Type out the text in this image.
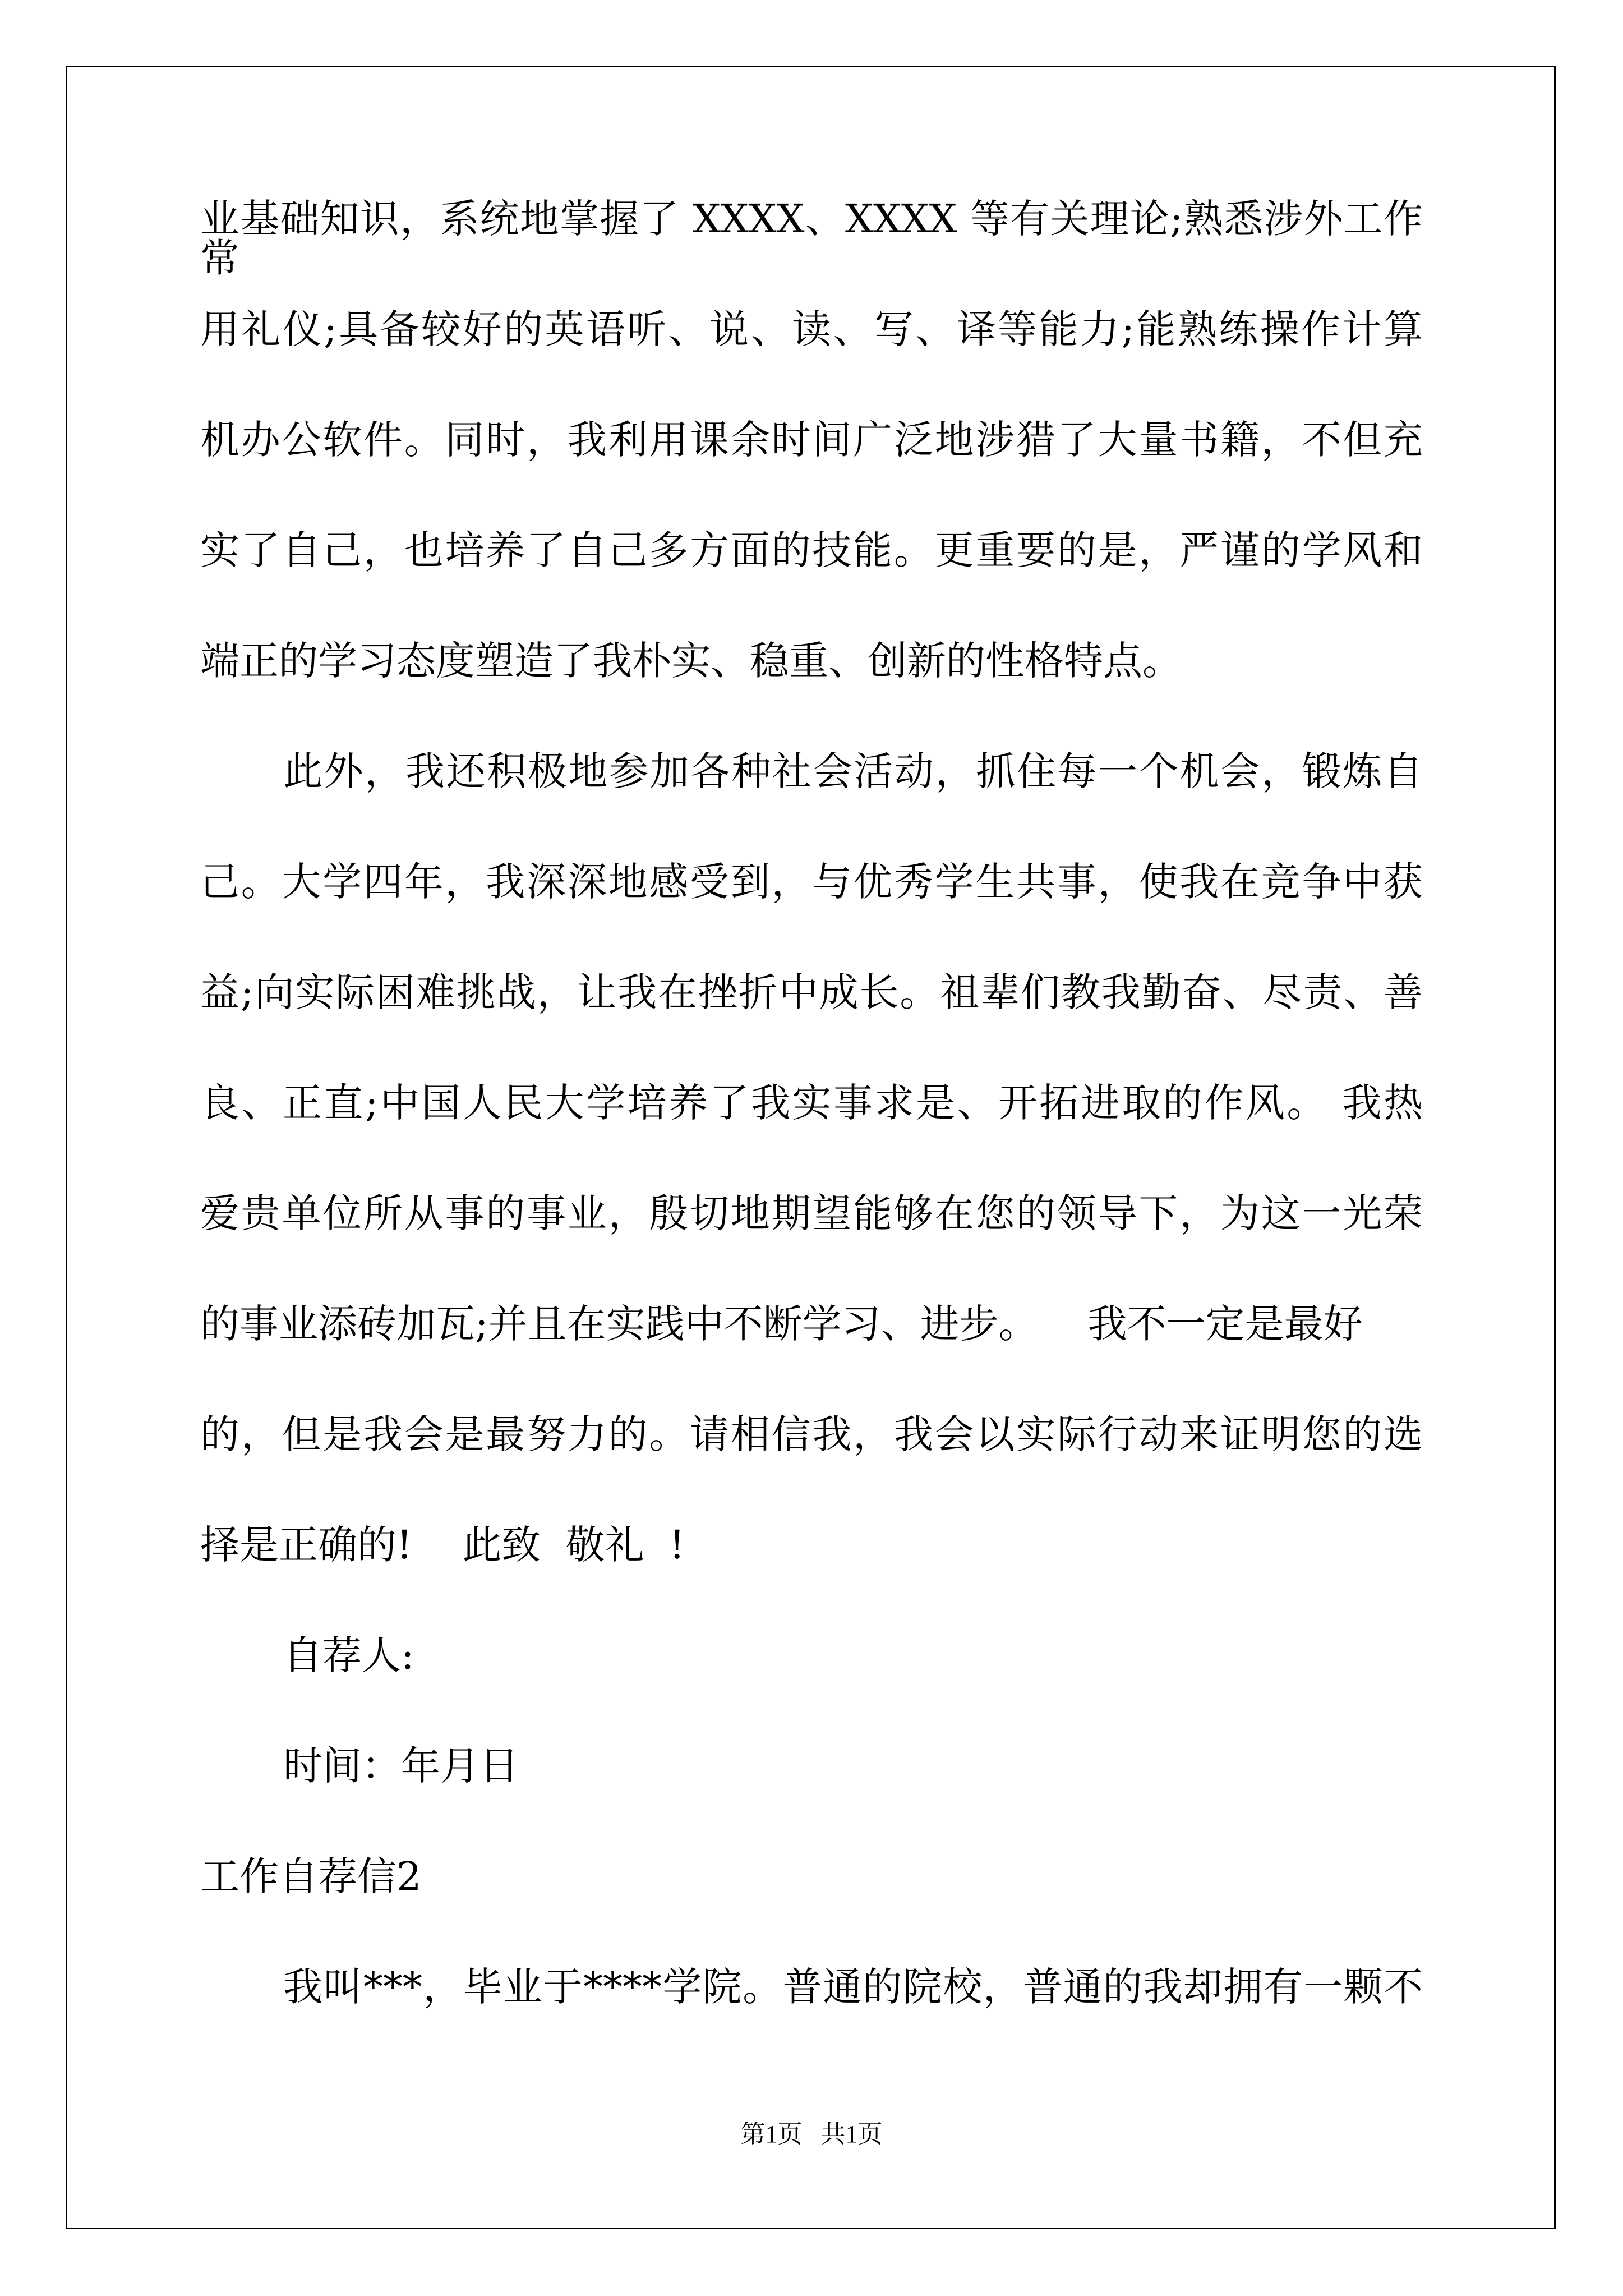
业基础知识，系统地掌握了 XXXX、XXXX 等有关理论;熟悉涉外工作常
用礼仪;具备较好的英语听、说、读、写、译等能力;能熟练操作计算
机办公软件。同时，我利用课余时间广泛地涉猎了大量书籍，不但充
实了自己，也培养了自己多方面的技能。更重要的是，严谨的学风和
端正的学习态度塑造了我朴实、稳重、创新的性格特点。
此外，我还积极地参加各种社会活动，抓住每一个机会，锻炼自
己。大学四年，我深深地感受到，与优秀学生共事，使我在竞争中获
益;向实际困难挑战，让我在挫折中成长。祖辈们教我勤奋、尽责、善
良、正直;中国人民大学培养了我实事求是、开拓进取的作风。 我热
爱贵单位所从事的事业，殷切地期望能够在您的领导下，为这一光荣
的事业添砖加瓦;并且在实践中不断学习、进步。    我不一定是最好
的，但是我会是最努力的。请相信我，我会以实际行动来证明您的选
择是正确的!    此致  敬礼  !
自荐人:
时间：年月日
工作自荐信2
我叫***，毕业于****学院。普通的院校，普通的我却拥有一颗不
第1页   共1页
